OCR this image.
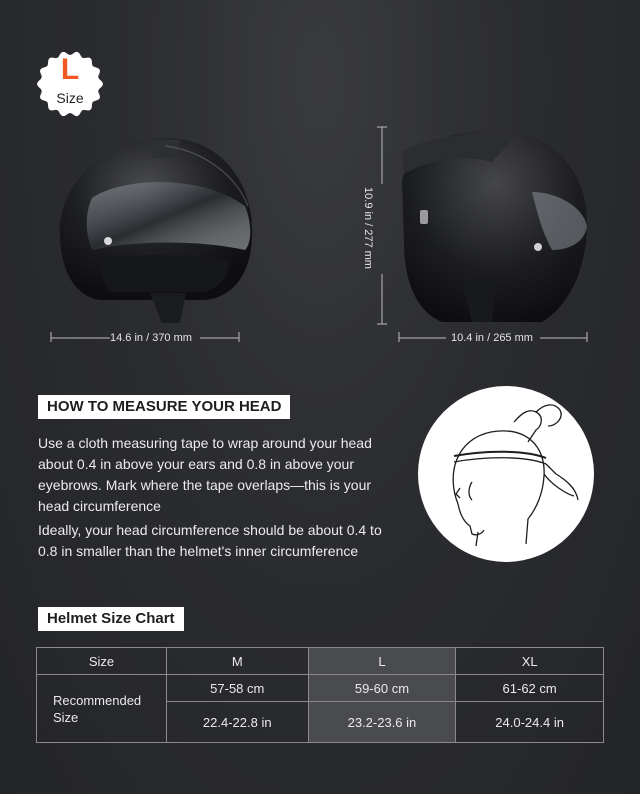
L
Size
14.6 in / 370 mm	10.4 in / 265 mm
10.9 in / 277 mm
HOW TO MEASURE YOUR HEAD
Use a cloth measuring tape to wrap around your head about 0.4 in above your ears and 0.8 in above your eyebrows. Mark where the tape overlaps—this is your head circumference
Ideally, your head circumference should be about 0.4 to 0.8 in smaller than the helmet's inner circumference
Helmet Size Chart
Size	M	L	XL
Recommended Size	57-58 cm	59-60 cm	61-62 cm
	22.4-22.8 in	23.2-23.6 in	24.0-24.4 in
